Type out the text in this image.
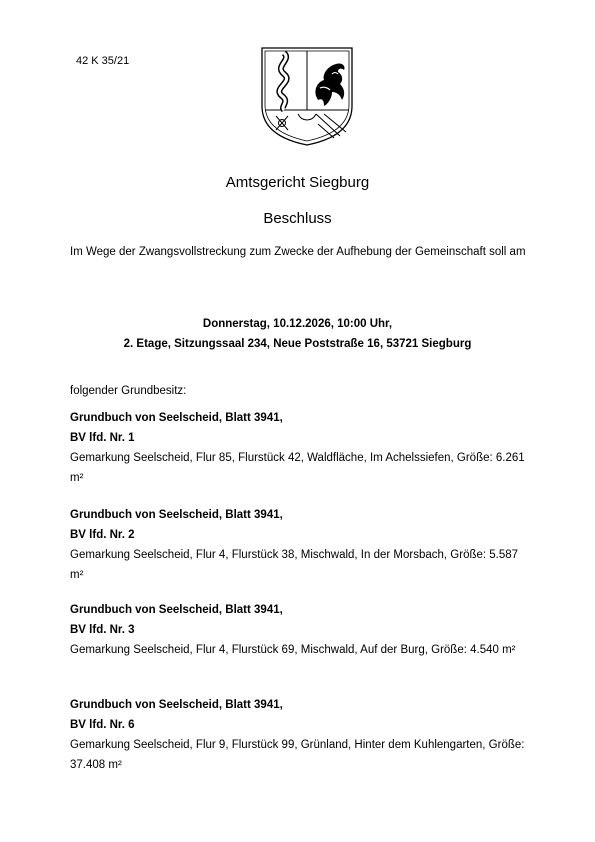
42 K 35/21
Amtsgericht Siegburg
Beschluss
Im Wege der Zwangsvollstreckung zum Zwecke der Aufhebung der Gemeinschaft soll am
Donnerstag, 10.12.2026, 10:00 Uhr,
2. Etage, Sitzungssaal 234, Neue Poststraße 16, 53721 Siegburg
folgender Grundbesitz:
Grundbuch von Seelscheid, Blatt 3941,
BV lfd. Nr. 1
Gemarkung Seelscheid, Flur 85, Flurstück 42, Waldfläche, Im Achelssiefen, Größe: 6.261 m²
Grundbuch von Seelscheid, Blatt 3941,
BV lfd. Nr. 2
Gemarkung Seelscheid, Flur 4, Flurstück 38, Mischwald, In der Morsbach, Größe: 5.587 m²
Grundbuch von Seelscheid, Blatt 3941,
BV lfd. Nr. 3
Gemarkung Seelscheid, Flur 4, Flurstück 69, Mischwald, Auf der Burg, Größe: 4.540 m²
Grundbuch von Seelscheid, Blatt 3941,
BV lfd. Nr. 6
Gemarkung Seelscheid, Flur 9, Flurstück 99, Grünland, Hinter dem Kuhlengarten, Größe: 37.408 m²
